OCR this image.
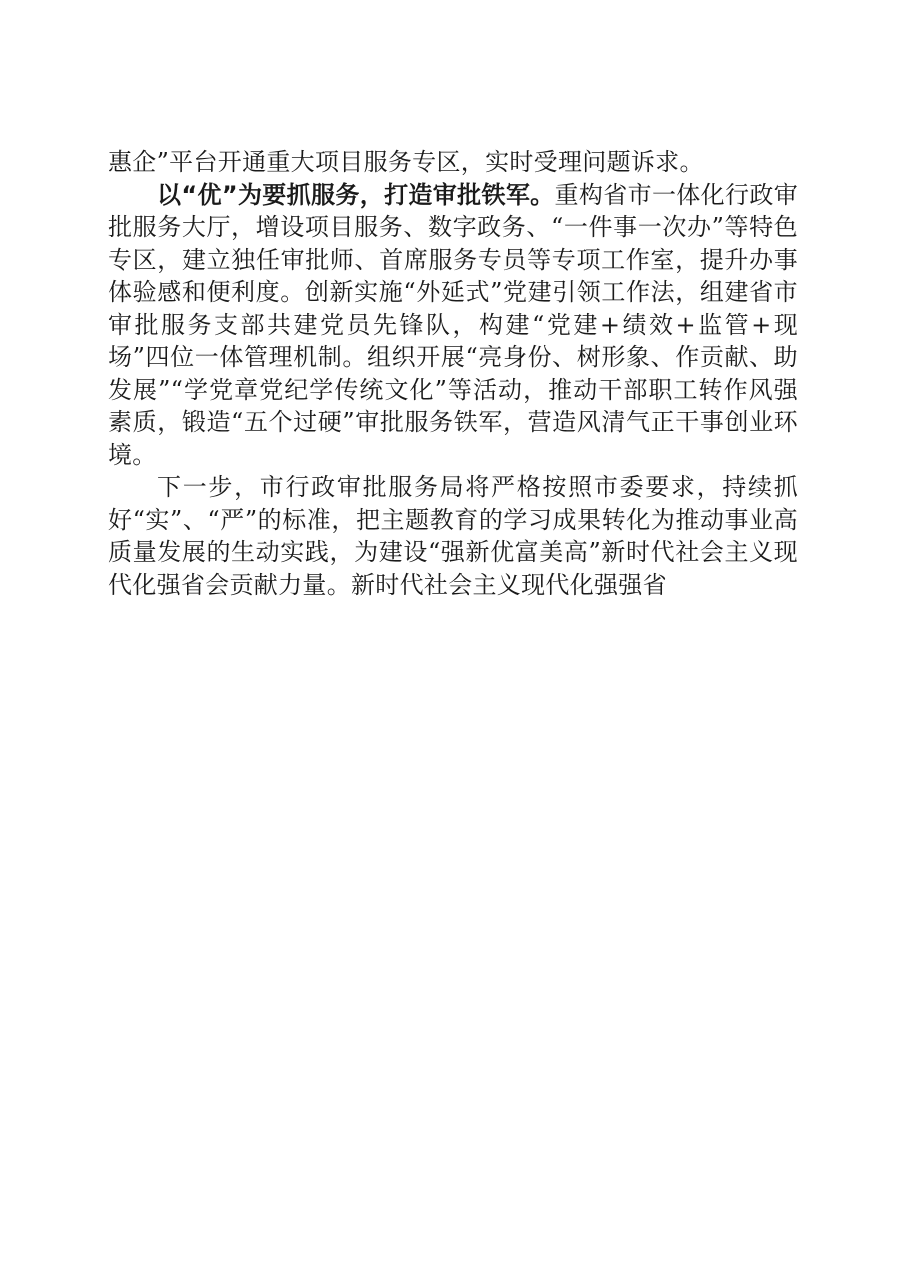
惠企”平台开通重大项目服务专区，实时受理问题诉求。

以“优”为要抓服务，打造审批铁军。重构省市一体化行政审批服务大厅，增设项目服务、数字政务、“一件事一次办”等特色专区，建立独任审批师、首席服务专员等专项工作室，提升办事体验感和便利度。创新实施“外延式”党建引领工作法，组建省市审批服务支部共建党员先锋队，构建“党建+绩效+监管+现场”四位一体管理机制。组织开展“亮身份、树形象、作贡献、助发展”“学党章党纪学传统文化”等活动，推动干部职工转作风强素质，锻造“五个过硬”审批服务铁军，营造风清气正干事创业环境。

下一步，市行政审批服务局将严格按照市委要求，持续抓好“实”、“严”的标准，把主题教育的学习成果转化为推动事业高质量发展的生动实践，为建设“强新优富美高”新时代社会主义现代化强省会贡献力量。新时代社会主义现代化强强省
